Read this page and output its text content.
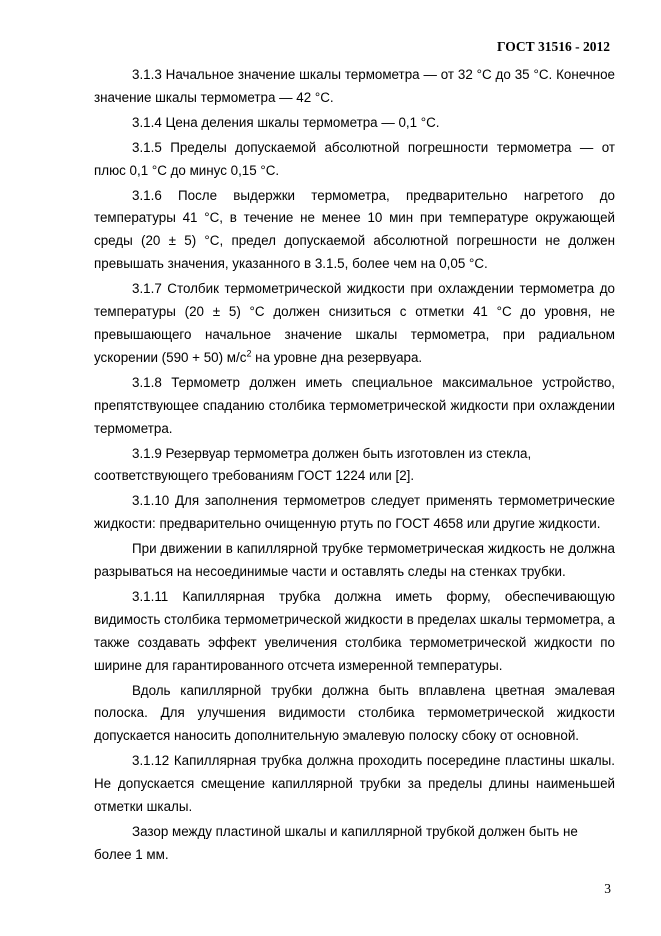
ГОСТ 31516 - 2012

3.1.3 Начальное значение шкалы термометра — от 32 °С до 35 °С. Конечное значение шкалы термометра — 42 °С.

3.1.4 Цена деления шкалы термометра — 0,1 °С.

3.1.5 Пределы допускаемой абсолютной погрешности термометра — от плюс 0,1 °С до минус 0,15 °С.

3.1.6 После выдержки термометра, предварительно нагретого до температуры 41 °С, в течение не менее 10 мин при температуре окружающей среды (20 ± 5) °С, предел допускаемой абсолютной погрешности не должен превышать значения, указанного в 3.1.5, более чем на 0,05 °С.

3.1.7 Столбик термометрической жидкости при охлаждении термометра до температуры (20 ± 5) °С должен снизиться с отметки 41 °С до уровня, не превышающего начальное значение шкалы термометра, при радиальном ускорении (590 + 50) $м/с^2$ на уровне дна резервуара.

3.1.8 Термометр должен иметь специальное максимальное устройство, препятствующее спаданию столбика термометрической жидкости при охлаждении термометра.

3.1.9 Резервуар термометра должен быть изготовлен из стекла, соответствующего требованиям ГОСТ 1224 или [2].

3.1.10 Для заполнения термометров следует применять термометрические жидкости: предварительно очищенную ртуть по ГОСТ 4658 или другие жидкости.

При движении в капиллярной трубке термометрическая жидкость не должна разрываться на несоединимые части и оставлять следы на стенках трубки.

3.1.11 Капиллярная трубка должна иметь форму, обеспечивающую видимость столбика термометрической жидкости в пределах шкалы термометра, а также создавать эффект увеличения столбика термометрической жидкости по ширине для гарантированного отсчета измеренной температуры.

Вдоль капиллярной трубки должна быть вплавлена цветная эмалевая полоска. Для улучшения видимости столбика термометрической жидкости допускается наносить дополнительную эмалевую полоску сбоку от основной.

3.1.12 Капиллярная трубка должна проходить посередине пластины шкалы. Не допускается смещение капиллярной трубки за пределы длины наименьшей отметки шкалы.

Зазор между пластиной шкалы и капиллярной трубкой должен быть не более 1 мм.

3
